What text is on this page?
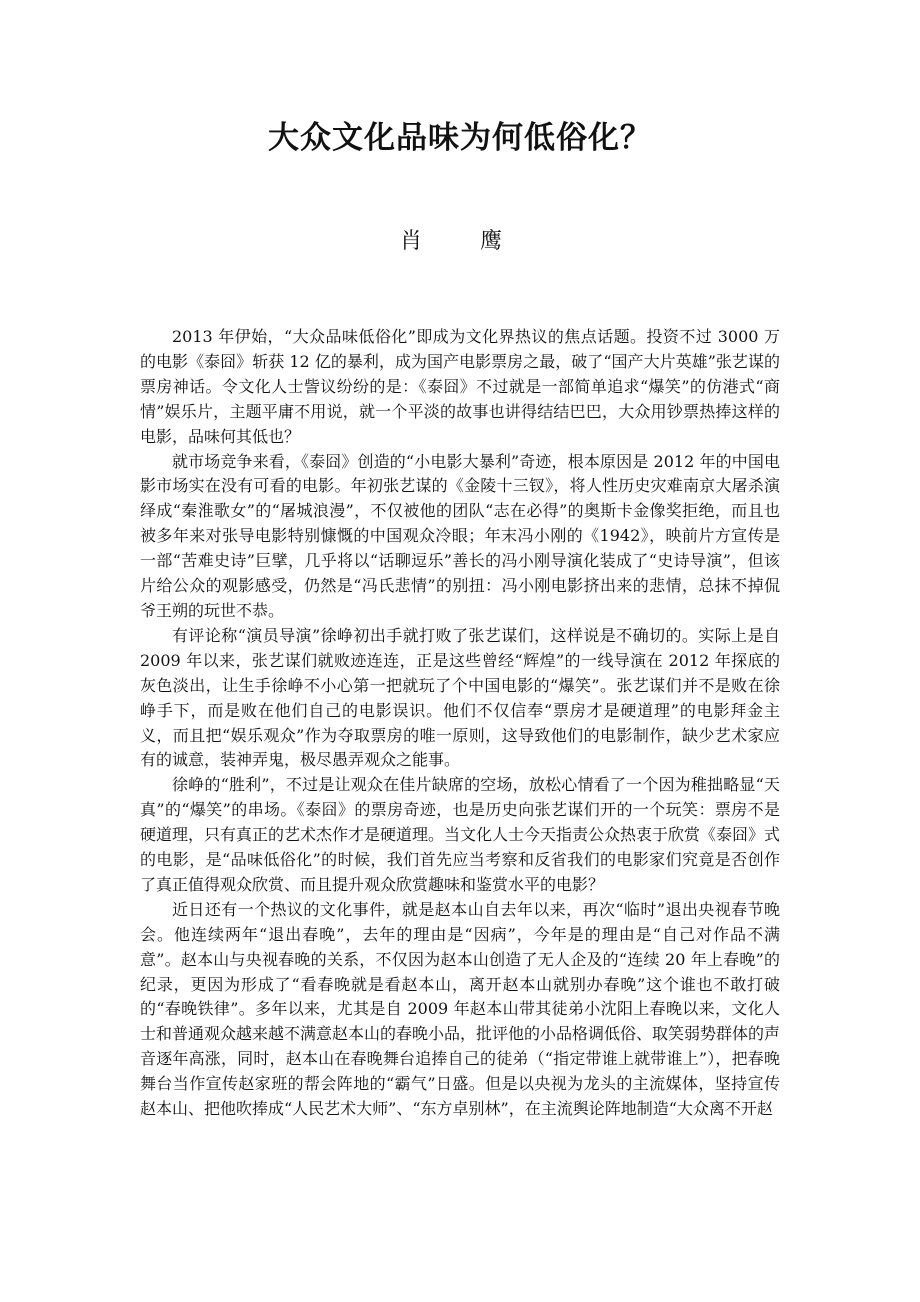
大众文化品味为何低俗化？
肖　鹰

2013 年伊始，“大众品味低俗化”即成为文化界热议的焦点话题。投资不过 3000 万的电影《泰囧》斩获 12 亿的暴利，成为国产电影票房之最，破了“国产大片英雄”张艺谋的票房神话。令文化人士訾议纷纷的是：《泰囧》不过就是一部简单追求“爆笑”的仿港式“商情”娱乐片，主题平庸不用说，就一个平淡的故事也讲得结结巴巴，大众用钞票热捧这样的电影，品味何其低也？

就市场竞争来看，《泰囧》创造的“小电影大暴利”奇迹，根本原因是 2012 年的中国电影市场实在没有可看的电影。年初张艺谋的《金陵十三钗》，将人性历史灾难南京大屠杀演绎成“秦淮歌女”的“屠城浪漫”，不仅被他的团队“志在必得”的奥斯卡金像奖拒绝，而且也被多年来对张导电影特别慷慨的中国观众冷眼；年末冯小刚的《1942》，映前片方宣传是一部“苦难史诗”巨擘，几乎将以“话聊逗乐”善长的冯小刚导演化装成了“史诗导演”，但该片给公众的观影感受，仍然是“冯氏悲情”的别扭：冯小刚电影挤出来的悲情，总抹不掉侃爷王朔的玩世不恭。

有评论称“演员导演”徐峥初出手就打败了张艺谋们，这样说是不确切的。实际上是自 2009 年以来，张艺谋们就败迹连连，正是这些曾经“辉煌”的一线导演在 2012 年探底的灰色淡出，让生手徐峥不小心第一把就玩了个中国电影的“爆笑”。张艺谋们并不是败在徐峥手下，而是败在他们自己的电影误识。他们不仅信奉“票房才是硬道理”的电影拜金主义，而且把“娱乐观众”作为夺取票房的唯一原则，这导致他们的电影制作，缺少艺术家应有的诚意，装神弄鬼，极尽愚弄观众之能事。

徐峥的“胜利”，不过是让观众在佳片缺席的空场，放松心情看了一个因为稚拙略显“天真”的“爆笑”的串场。《泰囧》的票房奇迹，也是历史向张艺谋们开的一个玩笑：票房不是硬道理，只有真正的艺术杰作才是硬道理。当文化人士今天指责公众热衷于欣赏《泰囧》式的电影，是“品味低俗化”的时候，我们首先应当考察和反省我们的电影家们究竟是否创作了真正值得观众欣赏、而且提升观众欣赏趣味和鉴赏水平的电影？

近日还有一个热议的文化事件，就是赵本山自去年以来，再次“临时”退出央视春节晚会。他连续两年“退出春晚”，去年的理由是“因病”，今年是的理由是“自己对作品不满意”。赵本山与央视春晚的关系，不仅因为赵本山创造了无人企及的“连续 20 年上春晚”的纪录，更因为形成了“看春晚就是看赵本山，离开赵本山就别办春晚”这个谁也不敢打破的“春晚铁律”。多年以来，尤其是自 2009 年赵本山带其徒弟小沈阳上春晚以来，文化人士和普通观众越来越不满意赵本山的春晚小品，批评他的小品格调低俗、取笑弱势群体的声音逐年高涨，同时，赵本山在春晚舞台追捧自己的徒弟（“指定带谁上就带谁上”），把春晚舞台当作宣传赵家班的帮会阵地的“霸气”日盛。但是以央视为龙头的主流媒体，坚持宣传赵本山、把他吹捧成“人民艺术大师”、“东方卓别林”，在主流舆论阵地制造“大众离不开赵
